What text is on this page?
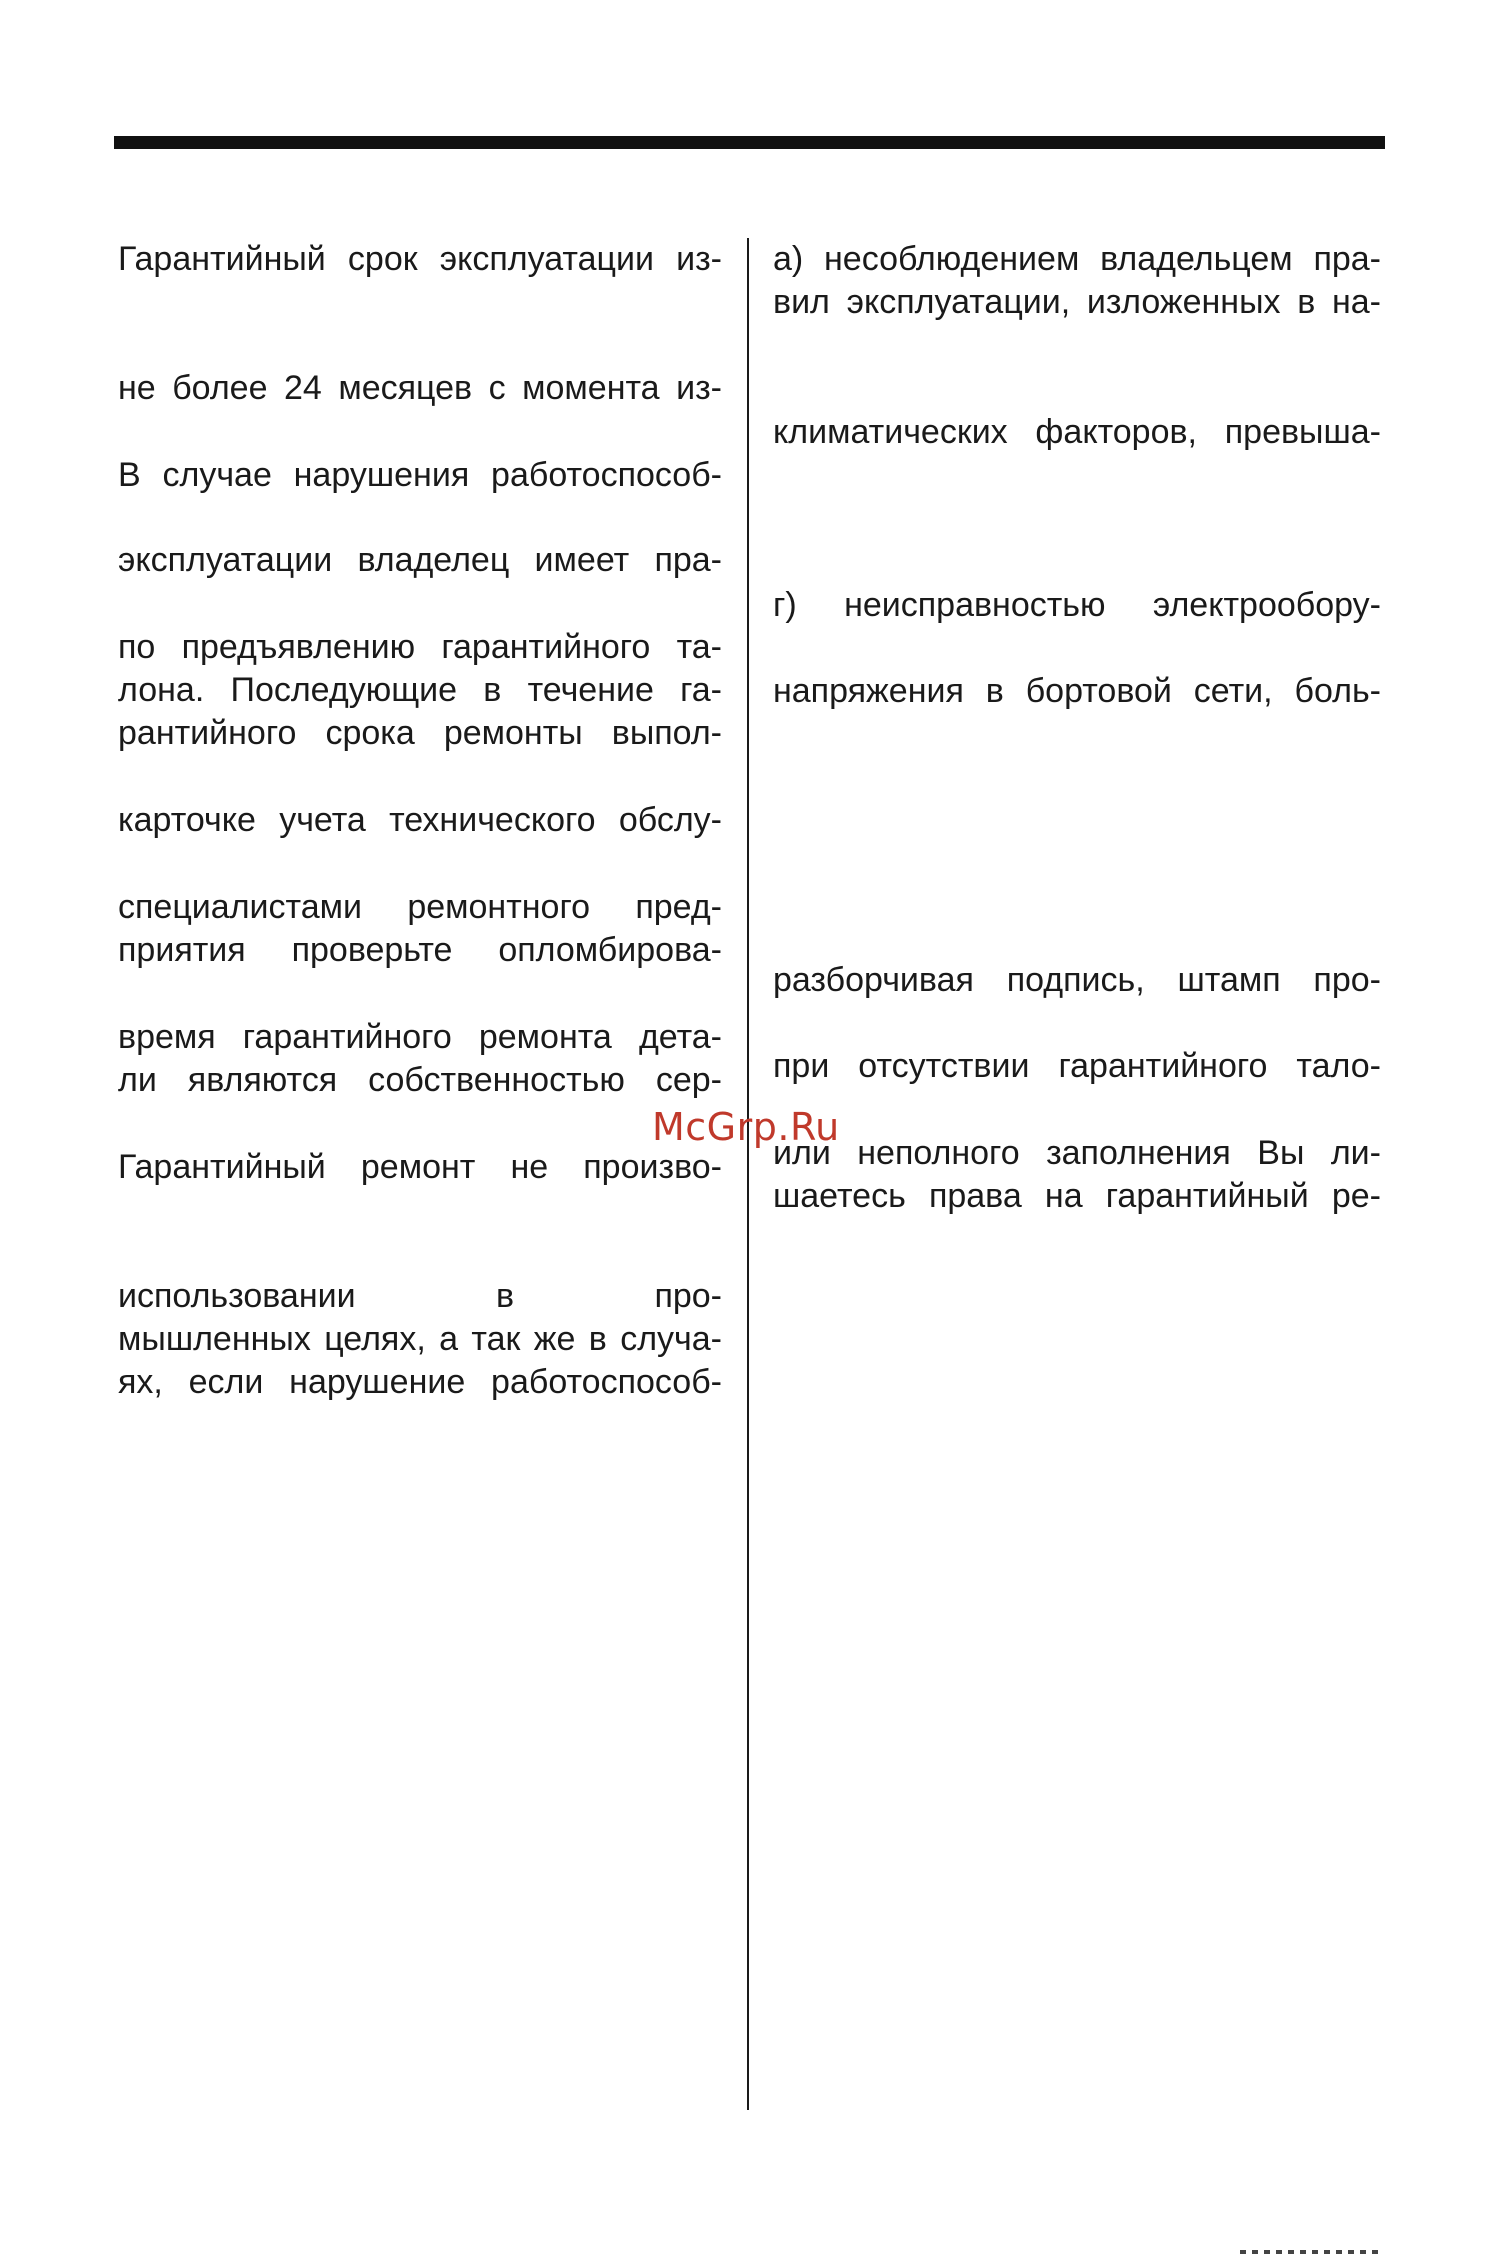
Гарантийный срок эксплуатации из-
не более 24 месяцев с момента из-
В случае нарушения работоспособ-
эксплуатации владелец имеет пра-
по предъявлению гарантийного та-
лона. Последующие в течение га-
рантийного срока ремонты выпол-
карточке учета технического обслу-
специалистами ремонтного пред-
приятия проверьте опломбирова-
время гарантийного ремонта дета-
ли являются собственностью сер-
Гарантийный ремонт не произво-
использовании в про-
мышленных целях, а так же в случа-
ях, если нарушение работоспособ-
а) несоблюдением владельцем пра-
вил эксплуатации, изложенных в на-
климатических факторов, превыша-
г) неисправностью электрообору-
напряжения в бортовой сети, боль-
разборчивая подпись, штамп про-
при отсутствии гарантийного тало-
или неполного заполнения Вы ли-
шаетесь права на гарантийный ре-
McGrp.Ru
